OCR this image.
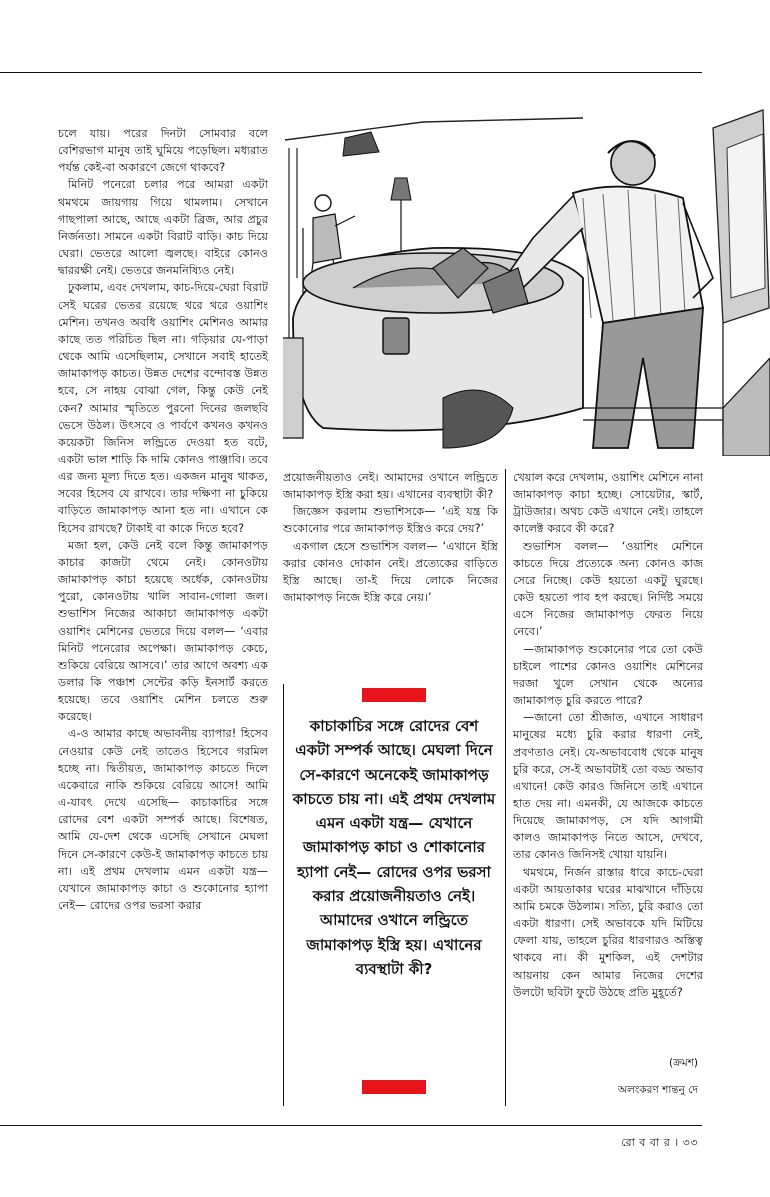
চলে যায়। পরের দিনটা সোমবার বলে বেশিরভাগ মানুষ তাই ঘুমিয়ে পড়েছিল। মধ্যরাত পর্যন্ত কেই-বা অকারণে জেগে থাকবে?

মিনিট পনেরো চলার পরে আমরা একটা থমথমে জায়গায় গিয়ে থামলাম। সেখানে গাছপালা আছে, আছে একটা ব্রিজ, আর প্রচুর নির্জনতা। সামনে একটা বিরাট বাড়ি। কাচ দিয়ে ঘেরা। ভেতরে আলো জ্বলছে। বাইরে কোনও দ্বাররক্ষী নেই। ভেতরে জনমনিষ্যিও নেই।

ঢুকলাম, এবং দেখলাম, কাচ-দিয়ে-ঘেরা বিরাট সেই ঘরের ভেতর রয়েছে থরে থরে ওয়াশিং মেশিন। তখনও অবধি ওয়াশিং মেশিনও আমার কাছে তত পরিচিত ছিল না। গড়িয়ার যে-পাড়া থেকে আমি এসেছিলাম, সেখানে সবাই হাতেই জামাকাপড় কাচত। উন্নত দেশের বন্দোবস্ত উন্নত হবে, সে নাহয় বোঝা গেল, কিন্তু কেউ নেই কেন? আমার স্মৃতিতে পুরনো দিনের জলছবি ভেসে উঠল। উৎসবে ও পার্বণে কখনও কখনও কয়েকটা জিনিস লন্ড্রিতে দেওয়া হত বটে, একটা ভাল শাড়ি কি দামি কোনও পাঞ্জাবি। তবে এর জন্য মূল্য দিতে হত। একজন মানুষ থাকত, সবের হিসেব যে রাখবে। তার দক্ষিণা না চুকিয়ে বাড়িতে জামাকাপড় আনা হত না। এখানে কে হিসেব রাখছে? টাকাই বা কাকে দিতে হবে?

মজা হল, কেউ নেই বলে কিন্তু জামাকাপড় কাচার কাজটা থেমে নেই। কোনওটায় জামাকাপড় কাচা হয়েছে অর্ধেক, কোনওটায় পুরো, কোনওটায় খালি সাবান-গোলা জল। শুভাশিস নিজের আকাচা জামাকাপড় একটা ওয়াশিং মেশিনের ভেতরে দিয়ে বলল— ‘এবার মিনিট পনেরোর অপেক্ষা। জামাকাপড় কেচে, শুকিয়ে বেরিয়ে আসবে।’ তার আগে অবশ্য এক ডলার কি পঞ্চাশ সেন্টের কড়ি ইনসার্ট করতে হয়েছে। তবে ওয়াশিং মেশিন চলতে শুরু করেছে।

এ-ও আমার কাছে অভাবনীয় ব্যাপার! হিসেব নেওয়ার কেউ নেই তাতেও হিসেবে গরমিল হচ্ছে না। দ্বিতীয়ত, জামাকাপড় কাচতে দিলে একেবারে নাকি শুকিয়ে বেরিয়ে আসে! আমি এ-যাবৎ দেখে এসেছি— কাচাকাচির সঙ্গে রোদের বেশ একটা সম্পর্ক আছে। বিশেষত, আমি যে-দেশ থেকে এসেছি সেখানে মেঘলা দিনে সে-কারণে কেউ-ই জামাকাপড় কাচতে চায় না। এই প্রথম দেখলাম এমন একটা যন্ত্র— যেখানে জামাকাপড় কাচা ও শুকোনোর হ্যাপা নেই— রোদের ওপর ভরসা করার

প্রয়োজনীয়তাও নেই। আমাদের ওখানে লন্ড্রিতে জামাকাপড় ইস্ত্রি করা হয়। এখানের ব্যবস্থাটা কী?

জিজ্ঞেস করলাম শুভাশিসকে— ‘এই যন্ত্র কি শুকোনোর পরে জামাকাপড় ইস্ত্রিও করে দেয়?’

একগাল হেসে শুভাশিস বলল— ‘এখানে ইস্ত্রি করার কোনও দোকান নেই। প্রত্যেকের বাড়িতে ইস্ত্রি আছে। তা-ই দিয়ে লোকে নিজের জামাকাপড় নিজে ইস্ত্রি করে নেয়।’

কাচাকাচির সঙ্গে রোদের বেশ একটা সম্পর্ক আছে। মেঘলা দিনে সে-কারণে অনেকেই জামাকাপড় কাচতে চায় না। এই প্রথম দেখলাম এমন একটা যন্ত্র— যেখানে জামাকাপড় কাচা ও শোকানোর হ্যাপা নেই— রোদের ওপর ভরসা করার প্রয়োজনীয়তাও নেই। আমাদের ওখানে লন্ড্রিতে জামাকাপড় ইস্ত্রি হয়। এখানের ব্যবস্থাটা কী?

খেয়াল করে দেখলাম, ওয়াশিং মেশিনে নানা জামাকাপড় কাচা হচ্ছে। সোয়েটার, স্কার্ট, ট্রাউজার। অথচ কেউ এখানে নেই। তাহলে কালেক্ট করবে কী করে?

শুভাশিস বলল— ‘ওয়াশিং মেশিনে কাচতে দিয়ে প্রত্যেকে অন্য কোনও কাজ সেরে নিচ্ছে। কেউ হয়তো একটু ঘুরছে। কেউ হয়তো পাব হপ করছে। নির্দিষ্ট সময়ে এসে নিজের জামাকাপড় ফেরত নিয়ে নেবে।’

—জামাকাপড় শুকোনোর পরে তো কেউ চাইলে পাশের কোনও ওয়াশিং মেশিনের দরজা খুলে সেখান থেকে অন্যের জামাকাপড় চুরি করতে পারে?

—জানো তো শ্রীজাত, এখানে সাধারণ মানুষের মধ্যে চুরি করার ধারণা নেই, প্রবণতাও নেই। যে-অভাববোধ থেকে মানুষ চুরি করে, সে-ই অভাবটাই তো বড্ড অভাব এখানে! কেউ কারও জিনিসে তাই এখানে হাত দেয় না। এমনকী, যে আজকে কাচতে দিয়েছে জামাকাপড়, সে যদি আগামী কালও জামাকাপড় নিতে আসে, দেখবে, তার কোনও জিনিসই খোয়া যায়নি।

থমথমে, নির্জন রাস্তার ধারে কাচে-ঘেরা একটা আয়তাকার ঘরের মাঝখানে দাঁড়িয়ে আমি চমকে উঠলাম। সত্যি, চুরি করাও তো একটা ধারণা। সেই অভাবকে যদি মিটিয়ে ফেলা যায়, তাহলে চুরির ধারণারও অস্তিত্ব থাকবে না। কী মুশকিল, এই দেশটার আয়নায় কেন আমার নিজের দেশের উলটো ছবিটা ফুটে উঠছে প্রতি মুহূর্তে?

(ক্রমশ)
অলংকরণ শান্তনু দে
রো ব বা র । ৩৩
